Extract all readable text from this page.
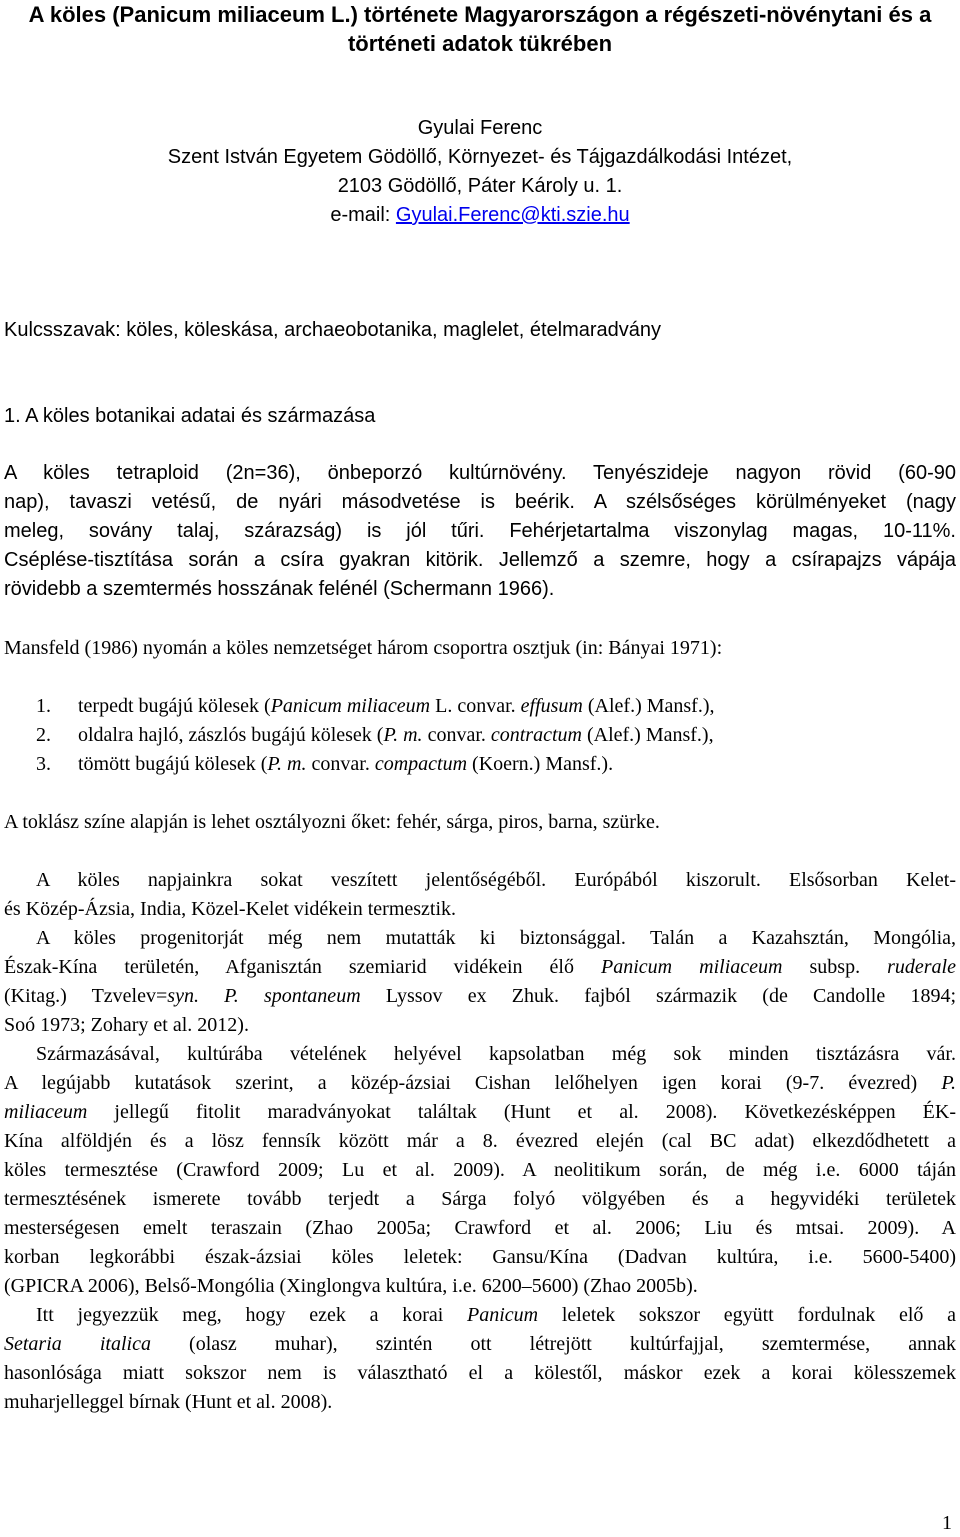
A köles (Panicum miliaceum L.) története Magyarországon a régészeti-növénytani és a
történeti adatok tükrében
Gyulai Ferenc
Szent István Egyetem Gödöllő, Környezet- és Tájgazdálkodási Intézet,
2103 Gödöllő, Páter Károly u. 1.
e-mail: Gyulai.Ferenc@kti.szie.hu
Kulcsszavak: köles, köleskása, archaeobotanika, maglelet, ételmaradvány
1. A köles botanikai adatai és származása
A köles tetraploid (2n=36), önbeporzó kultúrnövény. Tenyészideje nagyon rövid (60-90
nap), tavaszi vetésű, de nyári másodvetése is beérik. A szélsőséges körülményeket (nagy
meleg, sovány talaj, szárazság) is jól tűri. Fehérjetartalma viszonylag magas, 10-11%.
Cséplése-tisztítása során a csíra gyakran kitörik. Jellemző a szemre, hogy a csírapajzs vápája
rövidebb a szemtermés hosszának felénél (Schermann 1966).
Mansfeld (1986) nyomán a köles nemzetséget három csoportra osztjuk (in: Bányai 1971):
1. terpedt bugájú kölesek (Panicum miliaceum L. convar. effusum (Alef.) Mansf.),
2. oldalra hajló, zászlós bugájú kölesek (P. m. convar. contractum (Alef.) Mansf.),
3. tömött bugájú kölesek (P. m. convar. compactum (Koern.) Mansf.).
A toklász színe alapján is lehet osztályozni őket: fehér, sárga, piros, barna, szürke.
A köles napjainkra sokat veszített jelentőségéből. Európából kiszorult. Elsősorban Kelet-
és Közép-Ázsia, India, Közel-Kelet vidékein termesztik.
A köles progenitorját még nem mutatták ki biztonsággal. Talán a Kazahsztán, Mongólia,
Észak-Kína területén, Afganisztán szemiarid vidékein élő Panicum miliaceum subsp. ruderale
(Kitag.) Tzvelev=syn. P. spontaneum Lyssov ex Zhuk. fajból származik (de Candolle 1894;
Soó 1973; Zohary et al. 2012).
Származásával, kultúrába vételének helyével kapsolatban még sok minden tisztázásra vár.
A legújabb kutatások szerint, a közép-ázsiai Cishan lelőhelyen igen korai (9-7. évezred) P.
miliaceum jellegű fitolit maradványokat találtak (Hunt et al. 2008). Következésképpen ÉK-
Kína alföldjén és a lösz fennsík között már a 8. évezred elején (cal BC adat) elkezdődhetett a
köles termesztése (Crawford 2009; Lu et al. 2009). A neolitikum során, de még i.e. 6000 táján
termesztésének ismerete tovább terjedt a Sárga folyó völgyében és a hegyvidéki területek
mesterségesen emelt teraszain (Zhao 2005a; Crawford et al. 2006; Liu és mtsai. 2009). A
korban legkorábbi észak-ázsiai köles leletek: Gansu/Kína (Dadvan kultúra, i.e. 5600-5400)
(GPICRA 2006), Belső-Mongólia (Xinglongva kultúra, i.e. 6200–5600) (Zhao 2005b).
Itt jegyezzük meg, hogy ezek a korai Panicum leletek sokszor együtt fordulnak elő a
Setaria italica (olasz muhar), szintén ott létrejött kultúrfajjal, szemtermése, annak
hasonlósága miatt sokszor nem is választható el a kölestől, máskor ezek a korai kölesszemek
muharjelleggel bírnak (Hunt et al. 2008).
1
